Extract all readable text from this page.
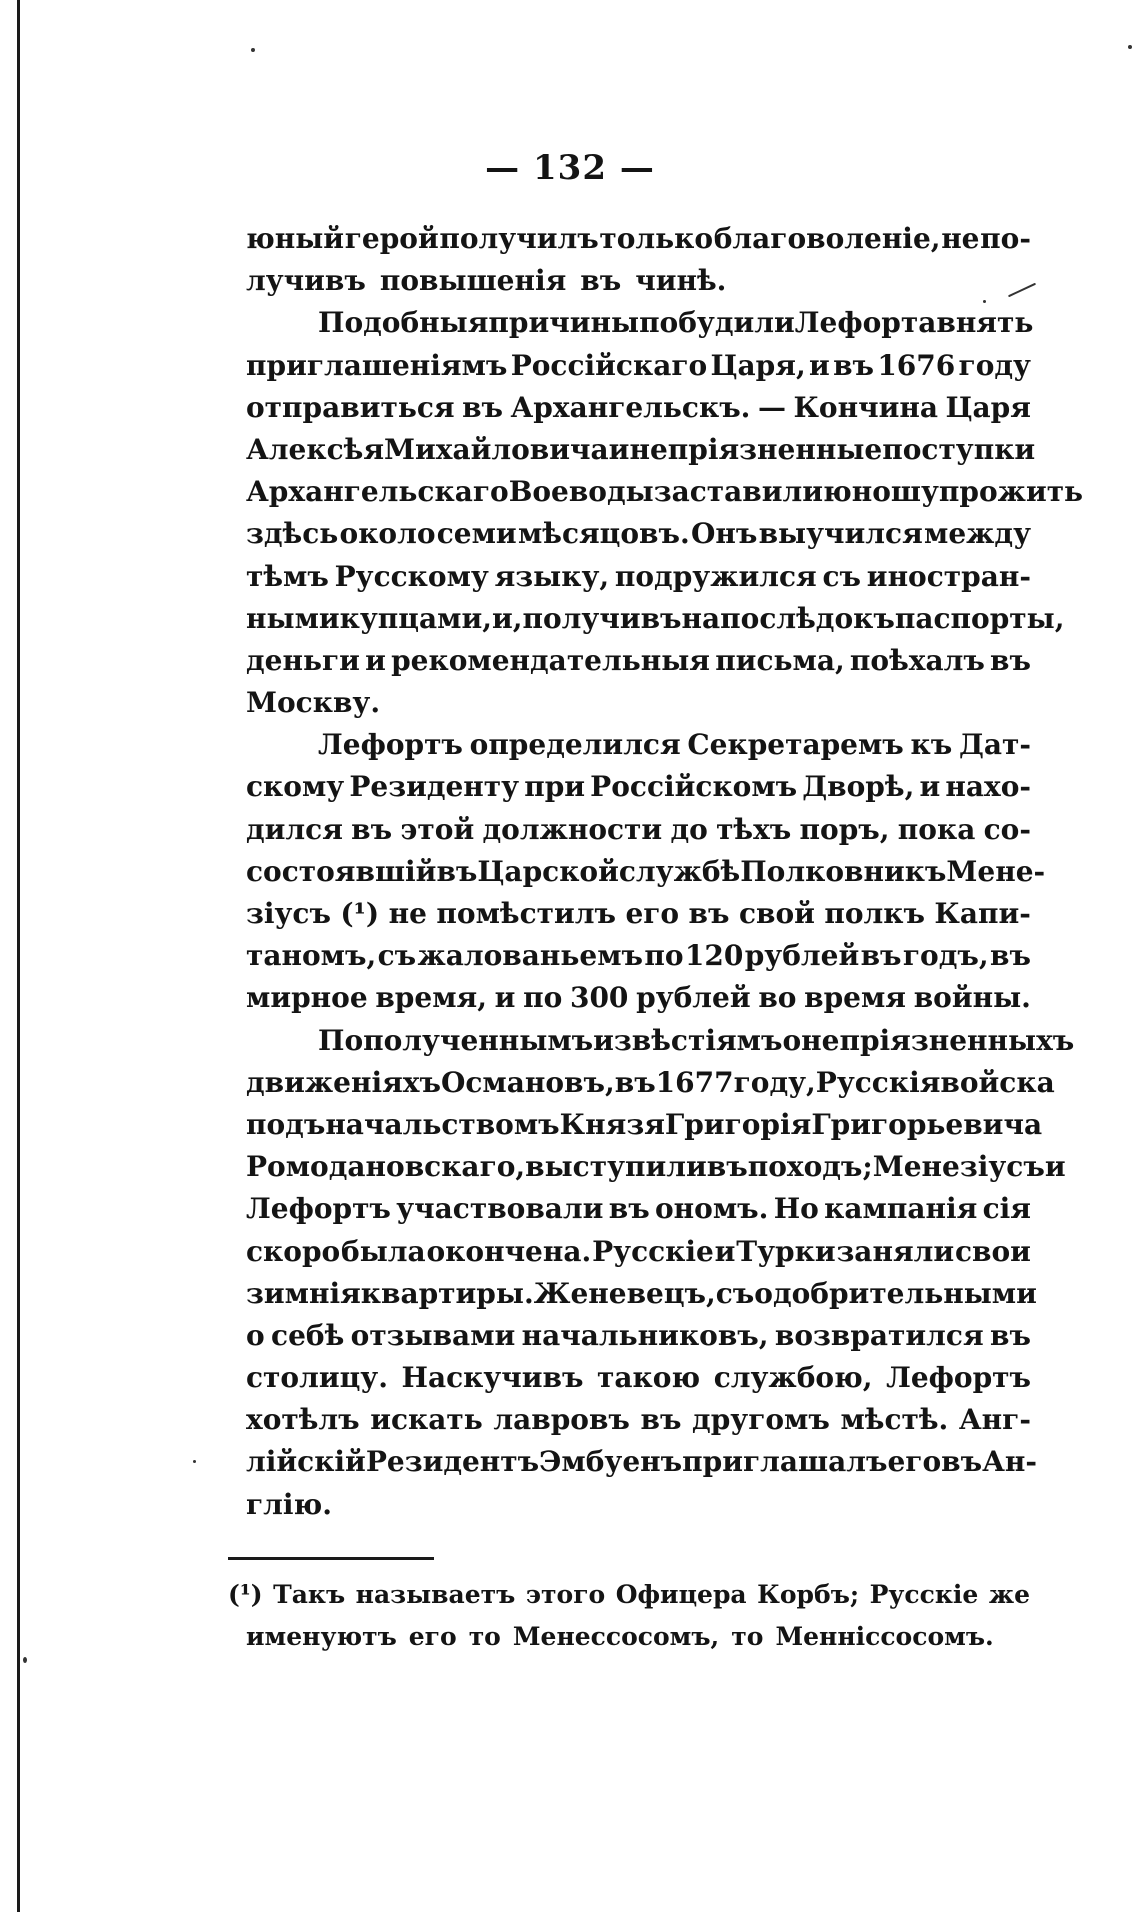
— 132 —
юный герой получилъ только благоволеніе, не по-
лучивъ повышенія въ чинѣ.
Подобныя причины побудили Лефорта внять
приглашеніямъ Россійскаго Царя, и въ 1676 году
отправиться въ Архангельскъ. — Кончина Царя
Алексѣя Михайловича и непріязненные поступки
Архангельскаго Воеводы заставили юношу прожить
здѣсь около семи мѣсяцовъ. Онъ выучился между
тѣмъ Русскому языку, подружился съ иностран-
ными купцами, и, получивъ напослѣдокъ паспорты,
деньги и рекомендательныя письма, поѣхалъ въ
Москву.
Лефортъ определился Секретаремъ къ Дат-
скому Резиденту при Россійскомъ Дворѣ, и нахо-
дился въ этой должности до тѣхъ поръ, пока со-
состоявшій въ Царской службѣ Полковникъ Мене-
зіусъ (¹) не помѣстилъ его въ свой полкъ Капи-
таномъ, съ жалованьемъ по 120 рублей въ годъ, въ
мирное время, и по 300 рублей во время войны.
По полученнымъ извѣстіямъ о непріязненныхъ
движеніяхъ Османовъ, въ 1677 году, Русскія войска
подъ начальствомъ Князя Григорія Григорьевича
Ромодановскаго, выступили въ походъ; Менезіусъ и
Лефортъ участвовали въ ономъ. Но кампанія сія
скоро была окончена. Русскіе и Турки заняли свои
зимнія квартиры. Женевецъ, съ одобрительными
о себѣ отзывами начальниковъ, возвратился въ
столицу. Наскучивъ такою службою, Лефортъ
хотѣлъ искать лавровъ въ другомъ мѣстѣ. Анг-
лійскій Резидентъ Эмбуенъ приглашалъ его въ Ан-
глію.
(¹) Такъ называетъ этого Офицера Корбъ; Русскіе же
именуютъ его то Менессосомъ, то Менніссосомъ.
